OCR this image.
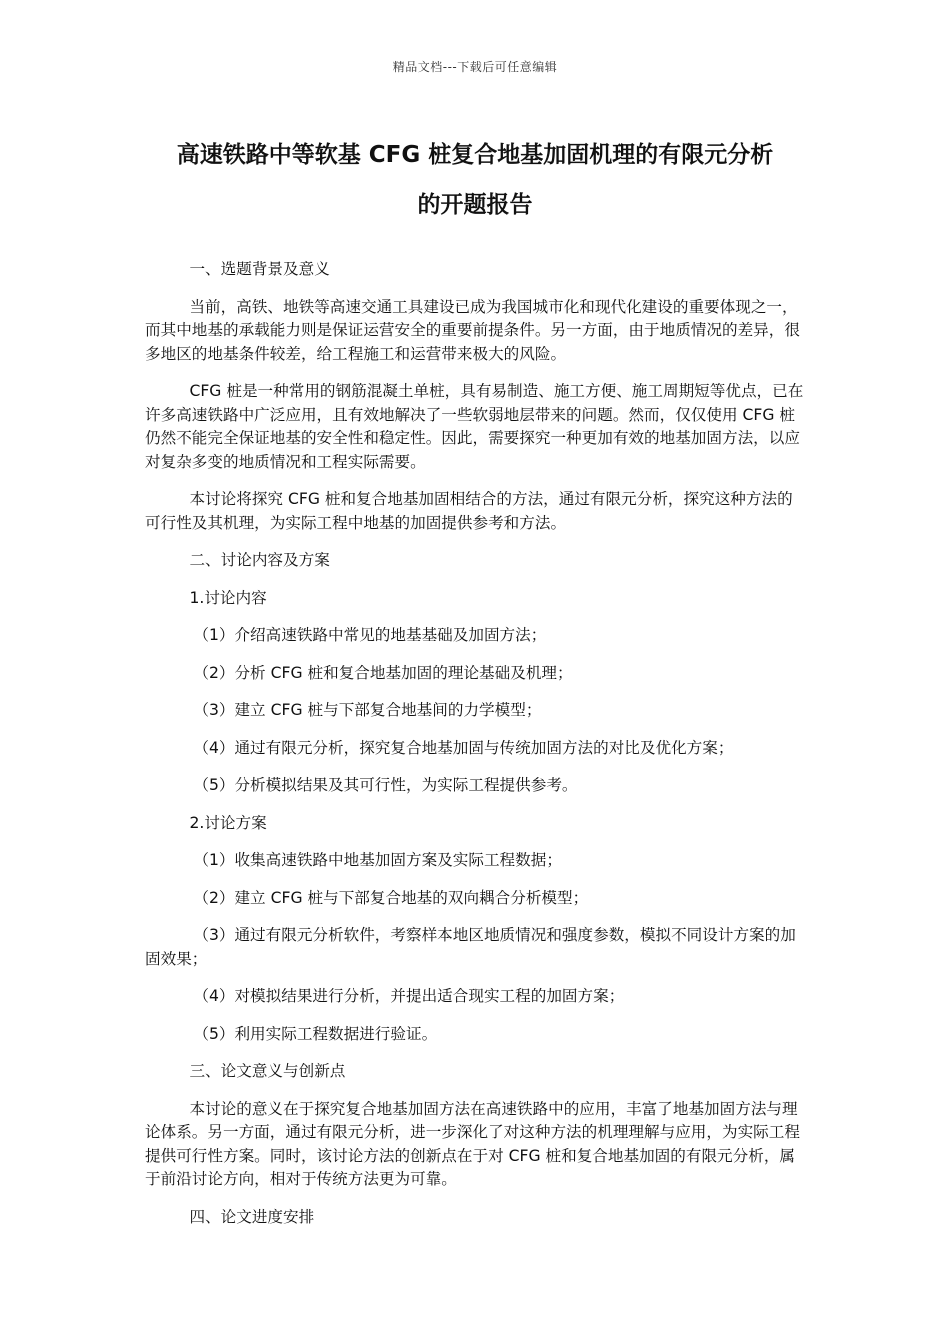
精品文档---下载后可任意编辑
高速铁路中等软基 CFG 桩复合地基加固机理的有限元分析
的开题报告

一、选题背景及意义

当前，高铁、地铁等高速交通工具建设已成为我国城市化和现代化建设的重要体现之一，而其中地基的承载能力则是保证运营安全的重要前提条件。另一方面，由于地质情况的差异，很多地区的地基条件较差，给工程施工和运营带来极大的风险。

CFG 桩是一种常用的钢筋混凝土单桩，具有易制造、施工方便、施工周期短等优点，已在许多高速铁路中广泛应用，且有效地解决了一些软弱地层带来的问题。然而，仅仅使用 CFG 桩仍然不能完全保证地基的安全性和稳定性。因此，需要探究一种更加有效的地基加固方法，以应对复杂多变的地质情况和工程实际需要。

本讨论将探究 CFG 桩和复合地基加固相结合的方法，通过有限元分析，探究这种方法的可行性及其机理，为实际工程中地基的加固提供参考和方法。

二、讨论内容及方案

1.讨论内容

（1）介绍高速铁路中常见的地基基础及加固方法；

（2）分析 CFG 桩和复合地基加固的理论基础及机理；

（3）建立 CFG 桩与下部复合地基间的力学模型；

（4）通过有限元分析，探究复合地基加固与传统加固方法的对比及优化方案；

（5）分析模拟结果及其可行性，为实际工程提供参考。

2.讨论方案

（1）收集高速铁路中地基加固方案及实际工程数据；

（2）建立 CFG 桩与下部复合地基的双向耦合分析模型；

（3）通过有限元分析软件，考察样本地区地质情况和强度参数，模拟不同设计方案的加固效果；

（4）对模拟结果进行分析，并提出适合现实工程的加固方案；

（5）利用实际工程数据进行验证。

三、论文意义与创新点

本讨论的意义在于探究复合地基加固方法在高速铁路中的应用，丰富了地基加固方法与理论体系。另一方面，通过有限元分析，进一步深化了对这种方法的机理理解与应用，为实际工程提供可行性方案。同时，该讨论方法的创新点在于对 CFG 桩和复合地基加固的有限元分析，属于前沿讨论方向，相对于传统方法更为可靠。

四、论文进度安排
